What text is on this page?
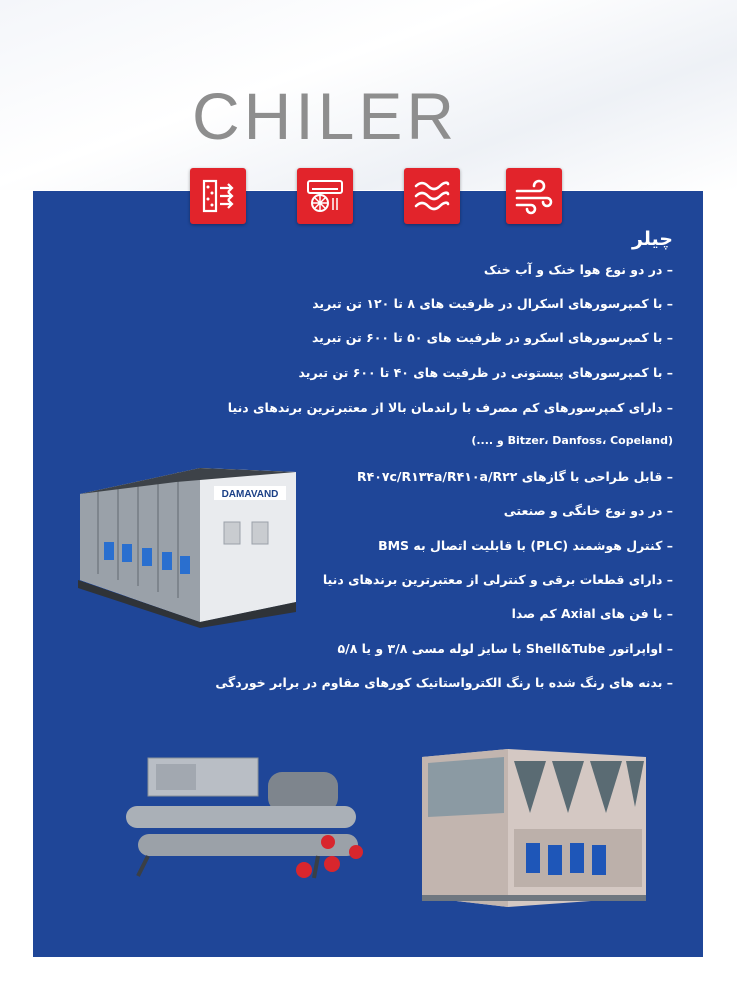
CHILER
چیلر
– در دو نوع هوا خنک و آب خنک
– با کمپرسورهای اسکرال در ظرفیت های ۸ تا ۱۲۰ تن تبرید
– با کمپرسورهای اسکرو در ظرفیت های ۵۰ تا ۶۰۰ تن تبرید
– با کمپرسورهای پیستونی در ظرفیت های ۴۰ تا ۶۰۰ تن تبرید
– دارای کمپرسورهای کم مصرف با راندمان بالا از معتبرترین برندهای دنیا
(Bitzer، Danfoss، Copeland و ....)
– قابل طراحی با گازهای R۴۰۷c/R۱۳۴a/R۴۱۰a/R۲۲
– در دو نوع خانگی و صنعتی
– کنترل هوشمند (PLC) با قابلیت اتصال به BMS
– دارای قطعات برقی و کنترلی از معتبرترین برندهای دنیا
– با فن های Axial کم صدا
– اواپراتور Shell&Tube با سایز لوله مسی ۳/۸ و یا ۵/۸
– بدنه های رنگ شده با رنگ الکترواستاتیک کورهای مقاوم در برابر خوردگی
DAMAVAND
